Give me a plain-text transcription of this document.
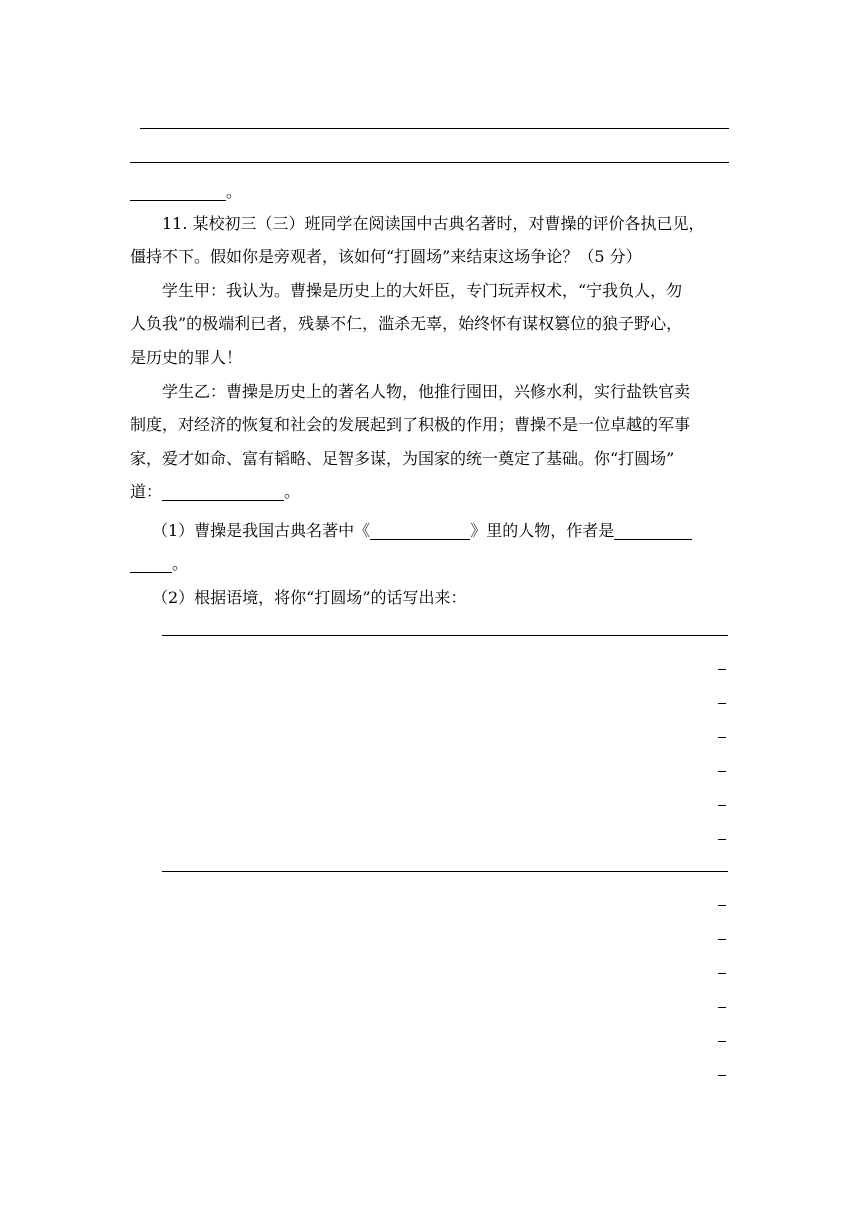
。
11. 某校初三（三）班同学在阅读国中古典名著时，对曹操的评价各执已见，
僵持不下。假如你是旁观者，该如何“打圆场”来结束这场争论？（5 分）
学生甲：我认为。曹操是历史上的大奸臣，专门玩弄权术，“宁我负人，勿
人负我”的极端利已者，残暴不仁，滥杀无辜，始终怀有谋权篡位的狼子野心，
是历史的罪人！
学生乙：曹操是历史上的著名人物，他推行囤田，兴修水利，实行盐铁官卖
制度，对经济的恢复和社会的发展起到了积极的作用；曹操不是一位卓越的军事
家，爱才如命、富有韬略、足智多谋，为国家的统一奠定了基础。你“打圆场”
道：	。
（1）曹操是我国古典名著中《	》里的人物，作者是
。
（2）根据语境，将你“打圆场”的话写出来：
